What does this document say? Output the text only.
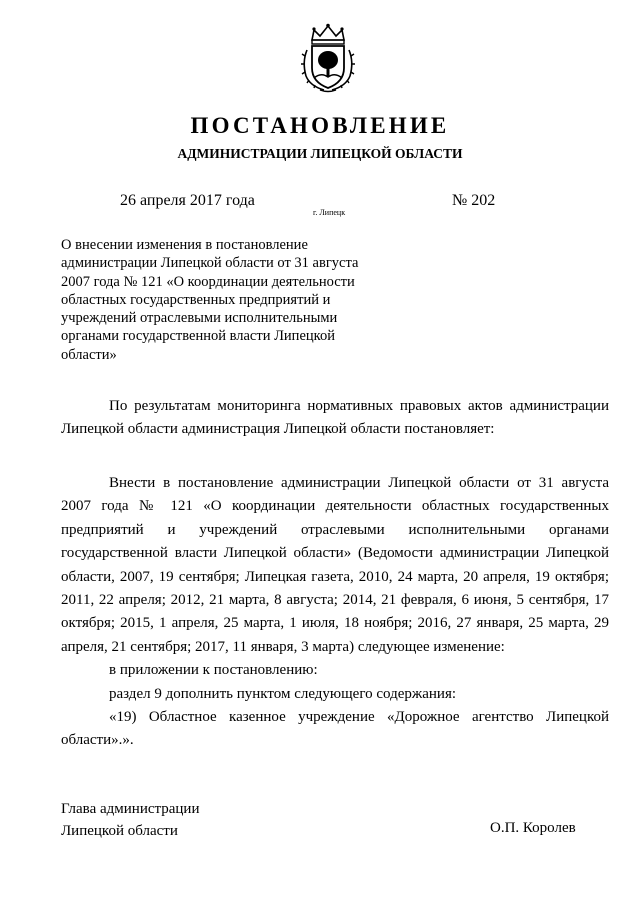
ПОСТАНОВЛЕНИЕ
АДМИНИСТРАЦИИ ЛИПЕЦКОЙ ОБЛАСТИ
26 апреля 2017 года
г. Липецк
№ 202
О внесении изменения в постановление администрации Липецкой области от 31 августа 2007 года № 121 «О координации деятельности областных государственных предприятий и учреждений отраслевыми исполнительными органами государственной власти Липецкой области»

По результатам мониторинга нормативных правовых актов администрации Липецкой области администрация Липецкой области постановляет:

Внести в постановление администрации Липецкой области от 31 августа 2007 года № 121 «О координации деятельности областных государственных предприятий и учреждений отраслевыми исполнительными органами государственной власти Липецкой области» (Ведомости администрации Липецкой области, 2007, 19 сентября; Липецкая газета, 2010, 24 марта, 20 апреля, 19 октября; 2011, 22 апреля; 2012, 21 марта, 8 августа; 2014, 21 февраля, 6 июня, 5 сентября, 17 октября; 2015, 1 апреля, 25 марта, 1 июля, 18 ноября; 2016, 27 января, 25 марта, 29 апреля, 21 сентября; 2017, 11 января, 3 марта) следующее изменение:

в приложении к постановлению:

раздел 9 дополнить пунктом следующего содержания:

«19) Областное казенное учреждение «Дорожное агентство Липецкой области».».

Глава администрации
Липецкой области	О.П. Королев
